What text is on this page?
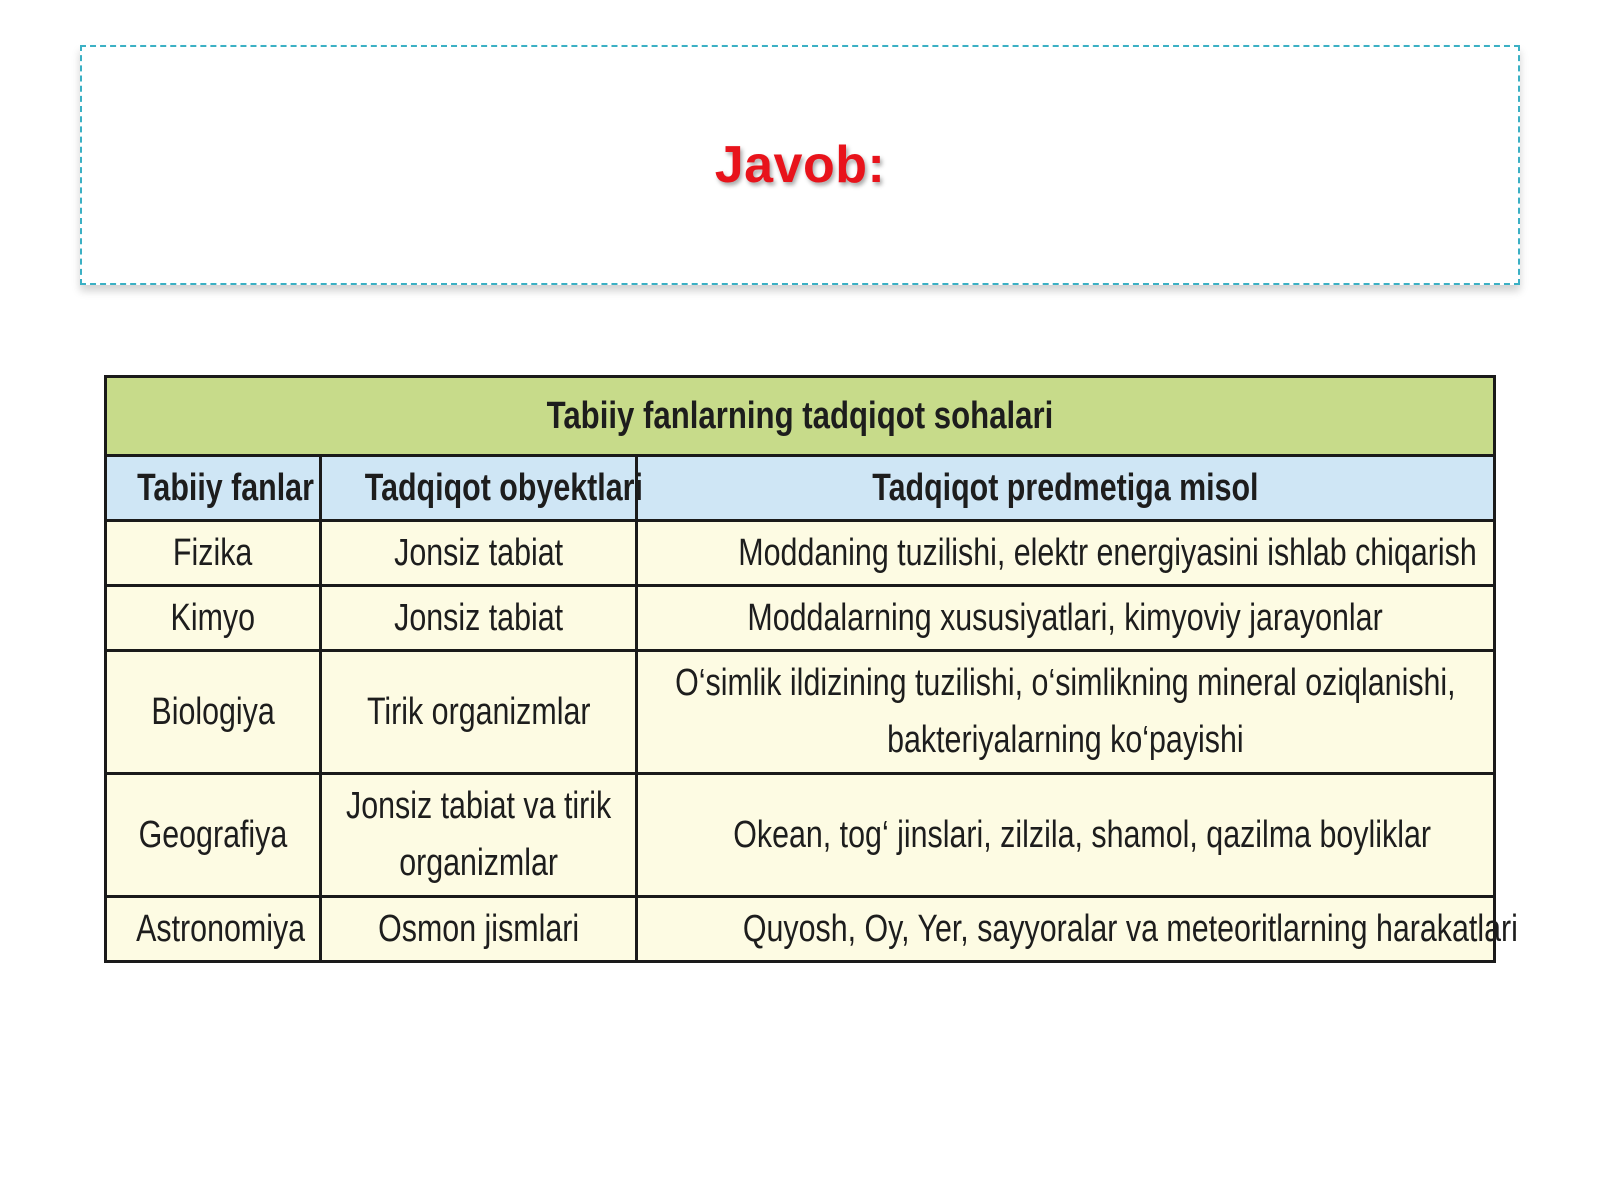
Javob:
Tabiiy fanlarning tadqiqot sohalari		
Tabiiy fanlar	Tadqiqot obyektlari	Tadqiqot predmetiga misol
Fizika	Jonsiz tabiat	Moddaning tuzilishi, elektr energiyasini ishlab chiqarish
Kimyo	Jonsiz tabiat	Moddalarning xususiyatlari, kimyoviy jarayonlar
Biologiya	Tirik organizmlar	O‘simlik ildizining tuzilishi, o‘simlikning mineral oziqlanishi, bakteriyalarning ko‘payishi
Geografiya	Jonsiz tabiat va tirik organizmlar	Okean, tog‘ jinslari, zilzila, shamol, qazilma boyliklar
Astronomiya	Osmon jismlari	Quyosh, Oy, Yer, sayyoralar va meteoritlarning harakatlari
